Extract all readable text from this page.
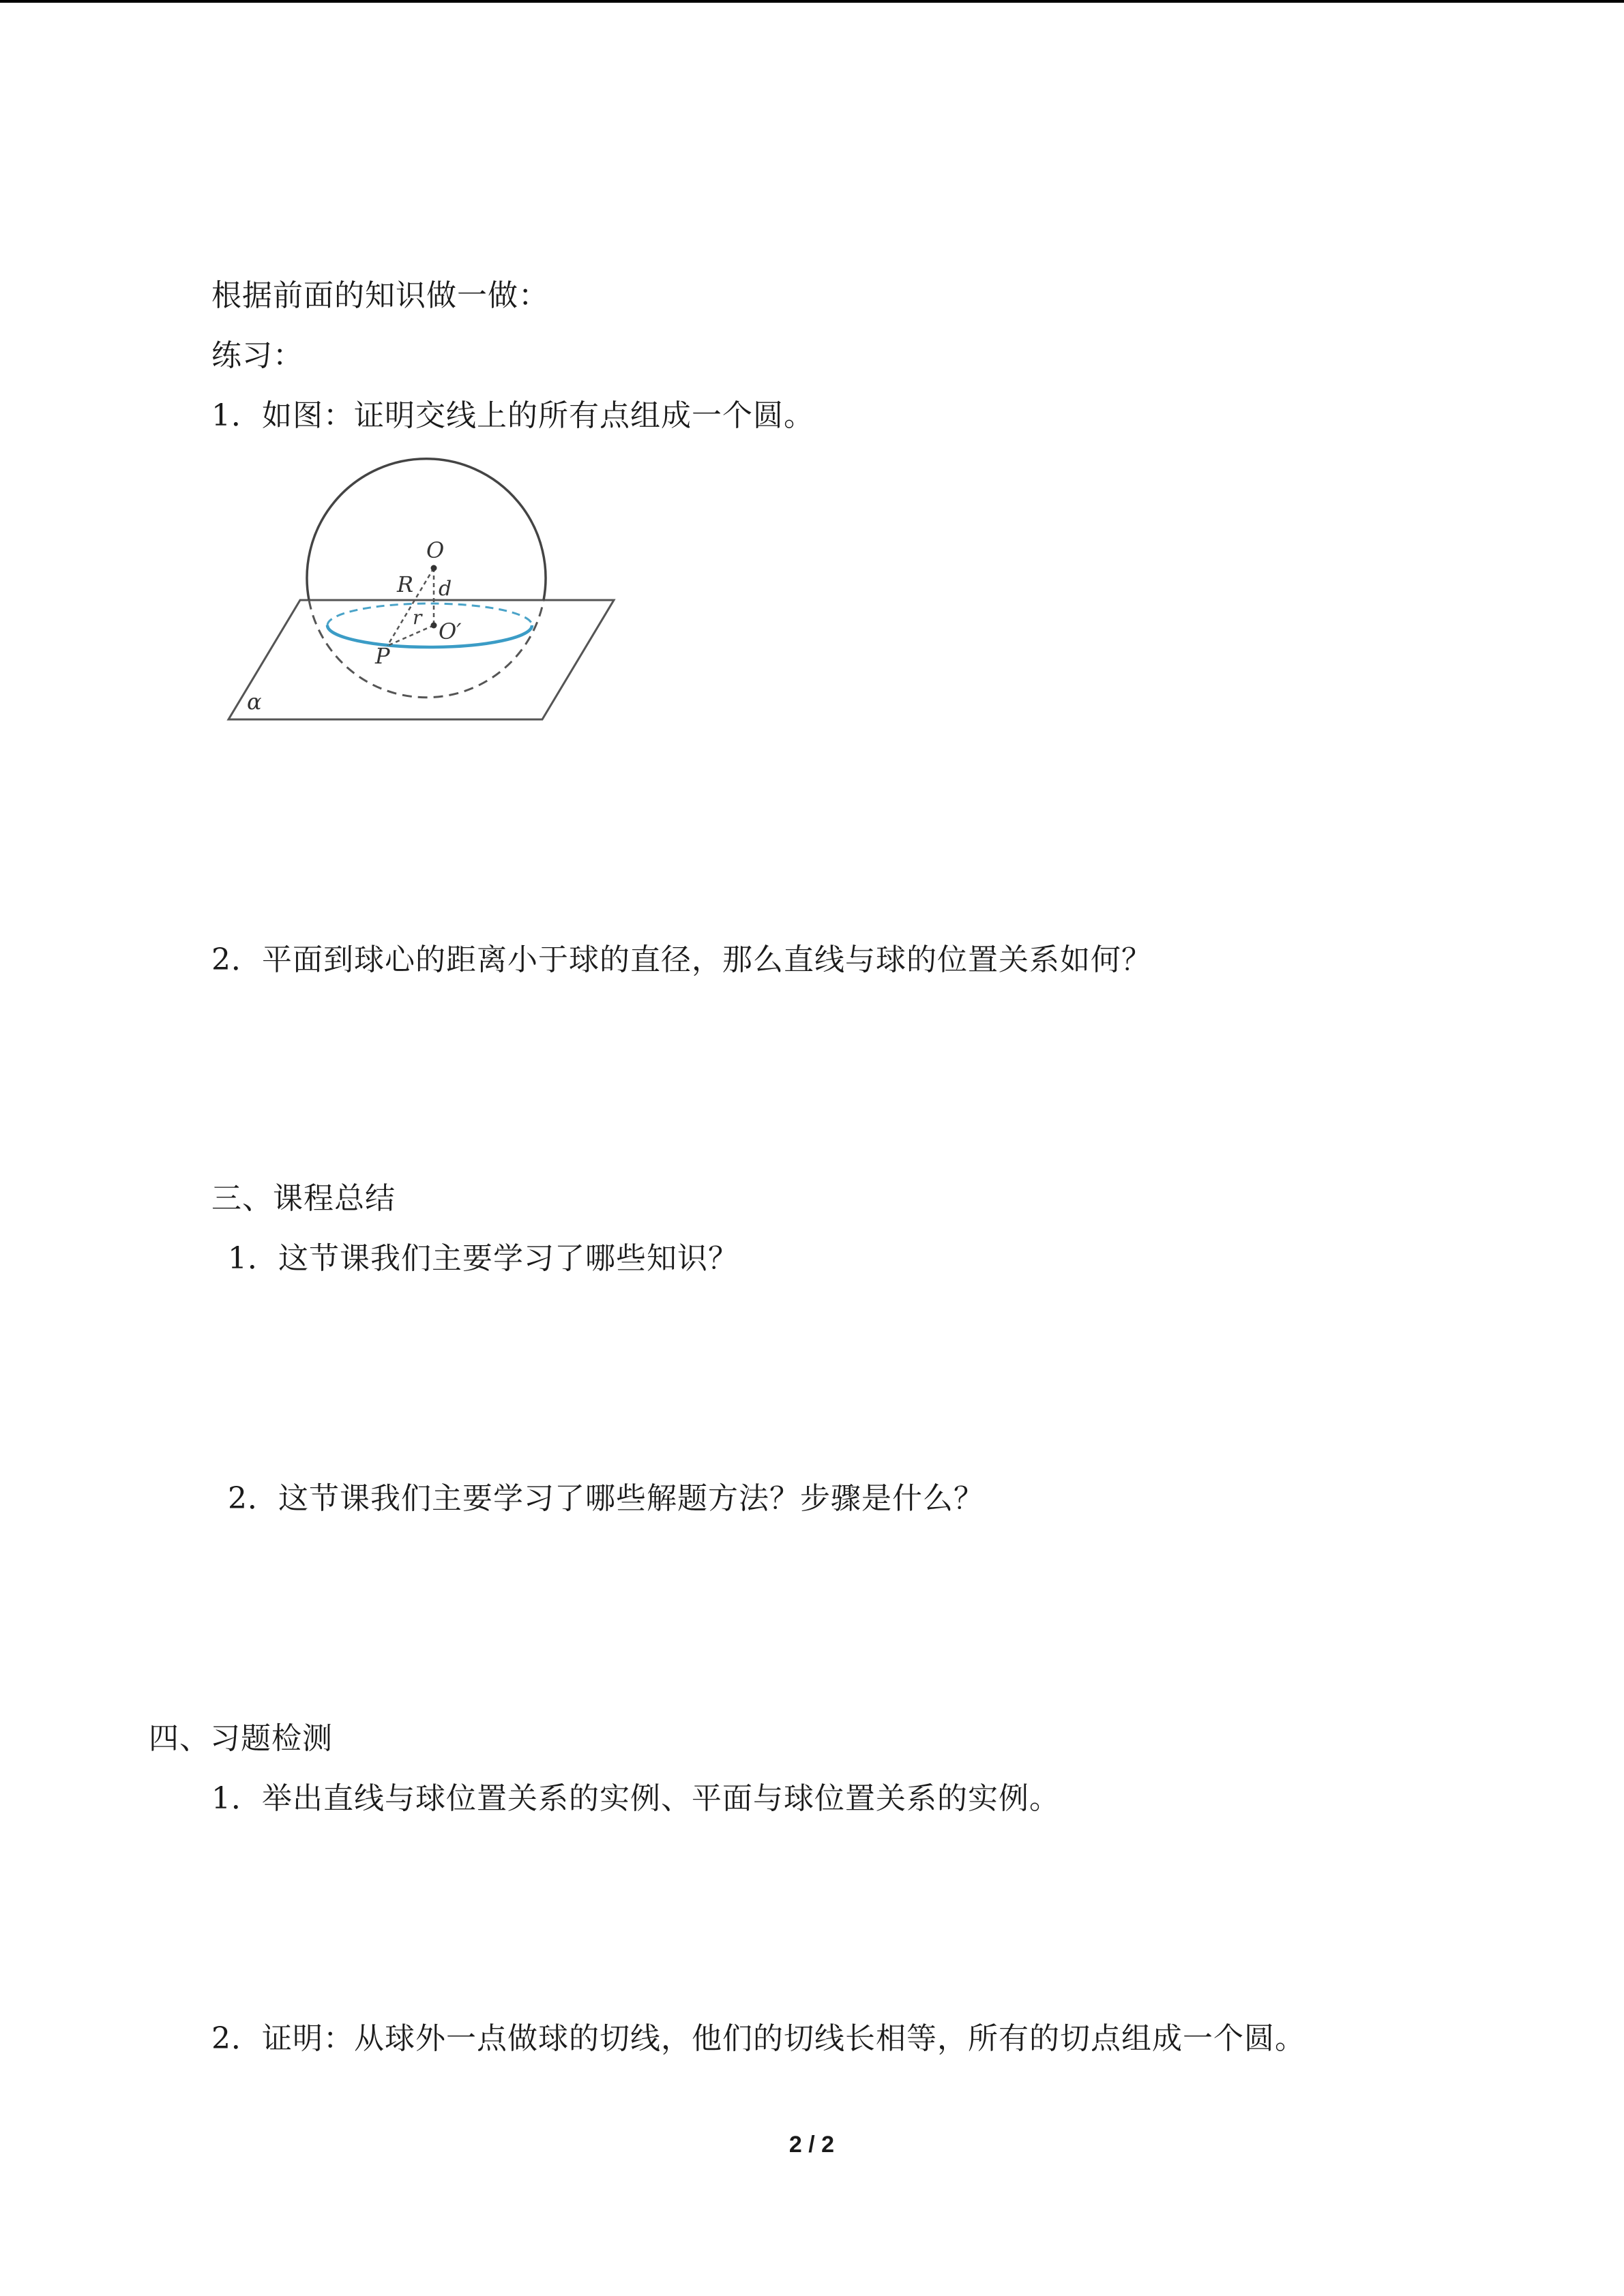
根据前面的知识做一做：
练习：
1．如图：证明交线上的所有点组成一个圆。
O
R d
r
O′
P
α
2．平面到球心的距离小于球的直径，那么直线与球的位置关系如何？
三、课程总结
1．这节课我们主要学习了哪些知识？
2．这节课我们主要学习了哪些解题方法？步骤是什么？
四、习题检测
1．举出直线与球位置关系的实例、平面与球位置关系的实例。
2．证明：从球外一点做球的切线，他们的切线长相等，所有的切点组成一个圆。
2 / 2
